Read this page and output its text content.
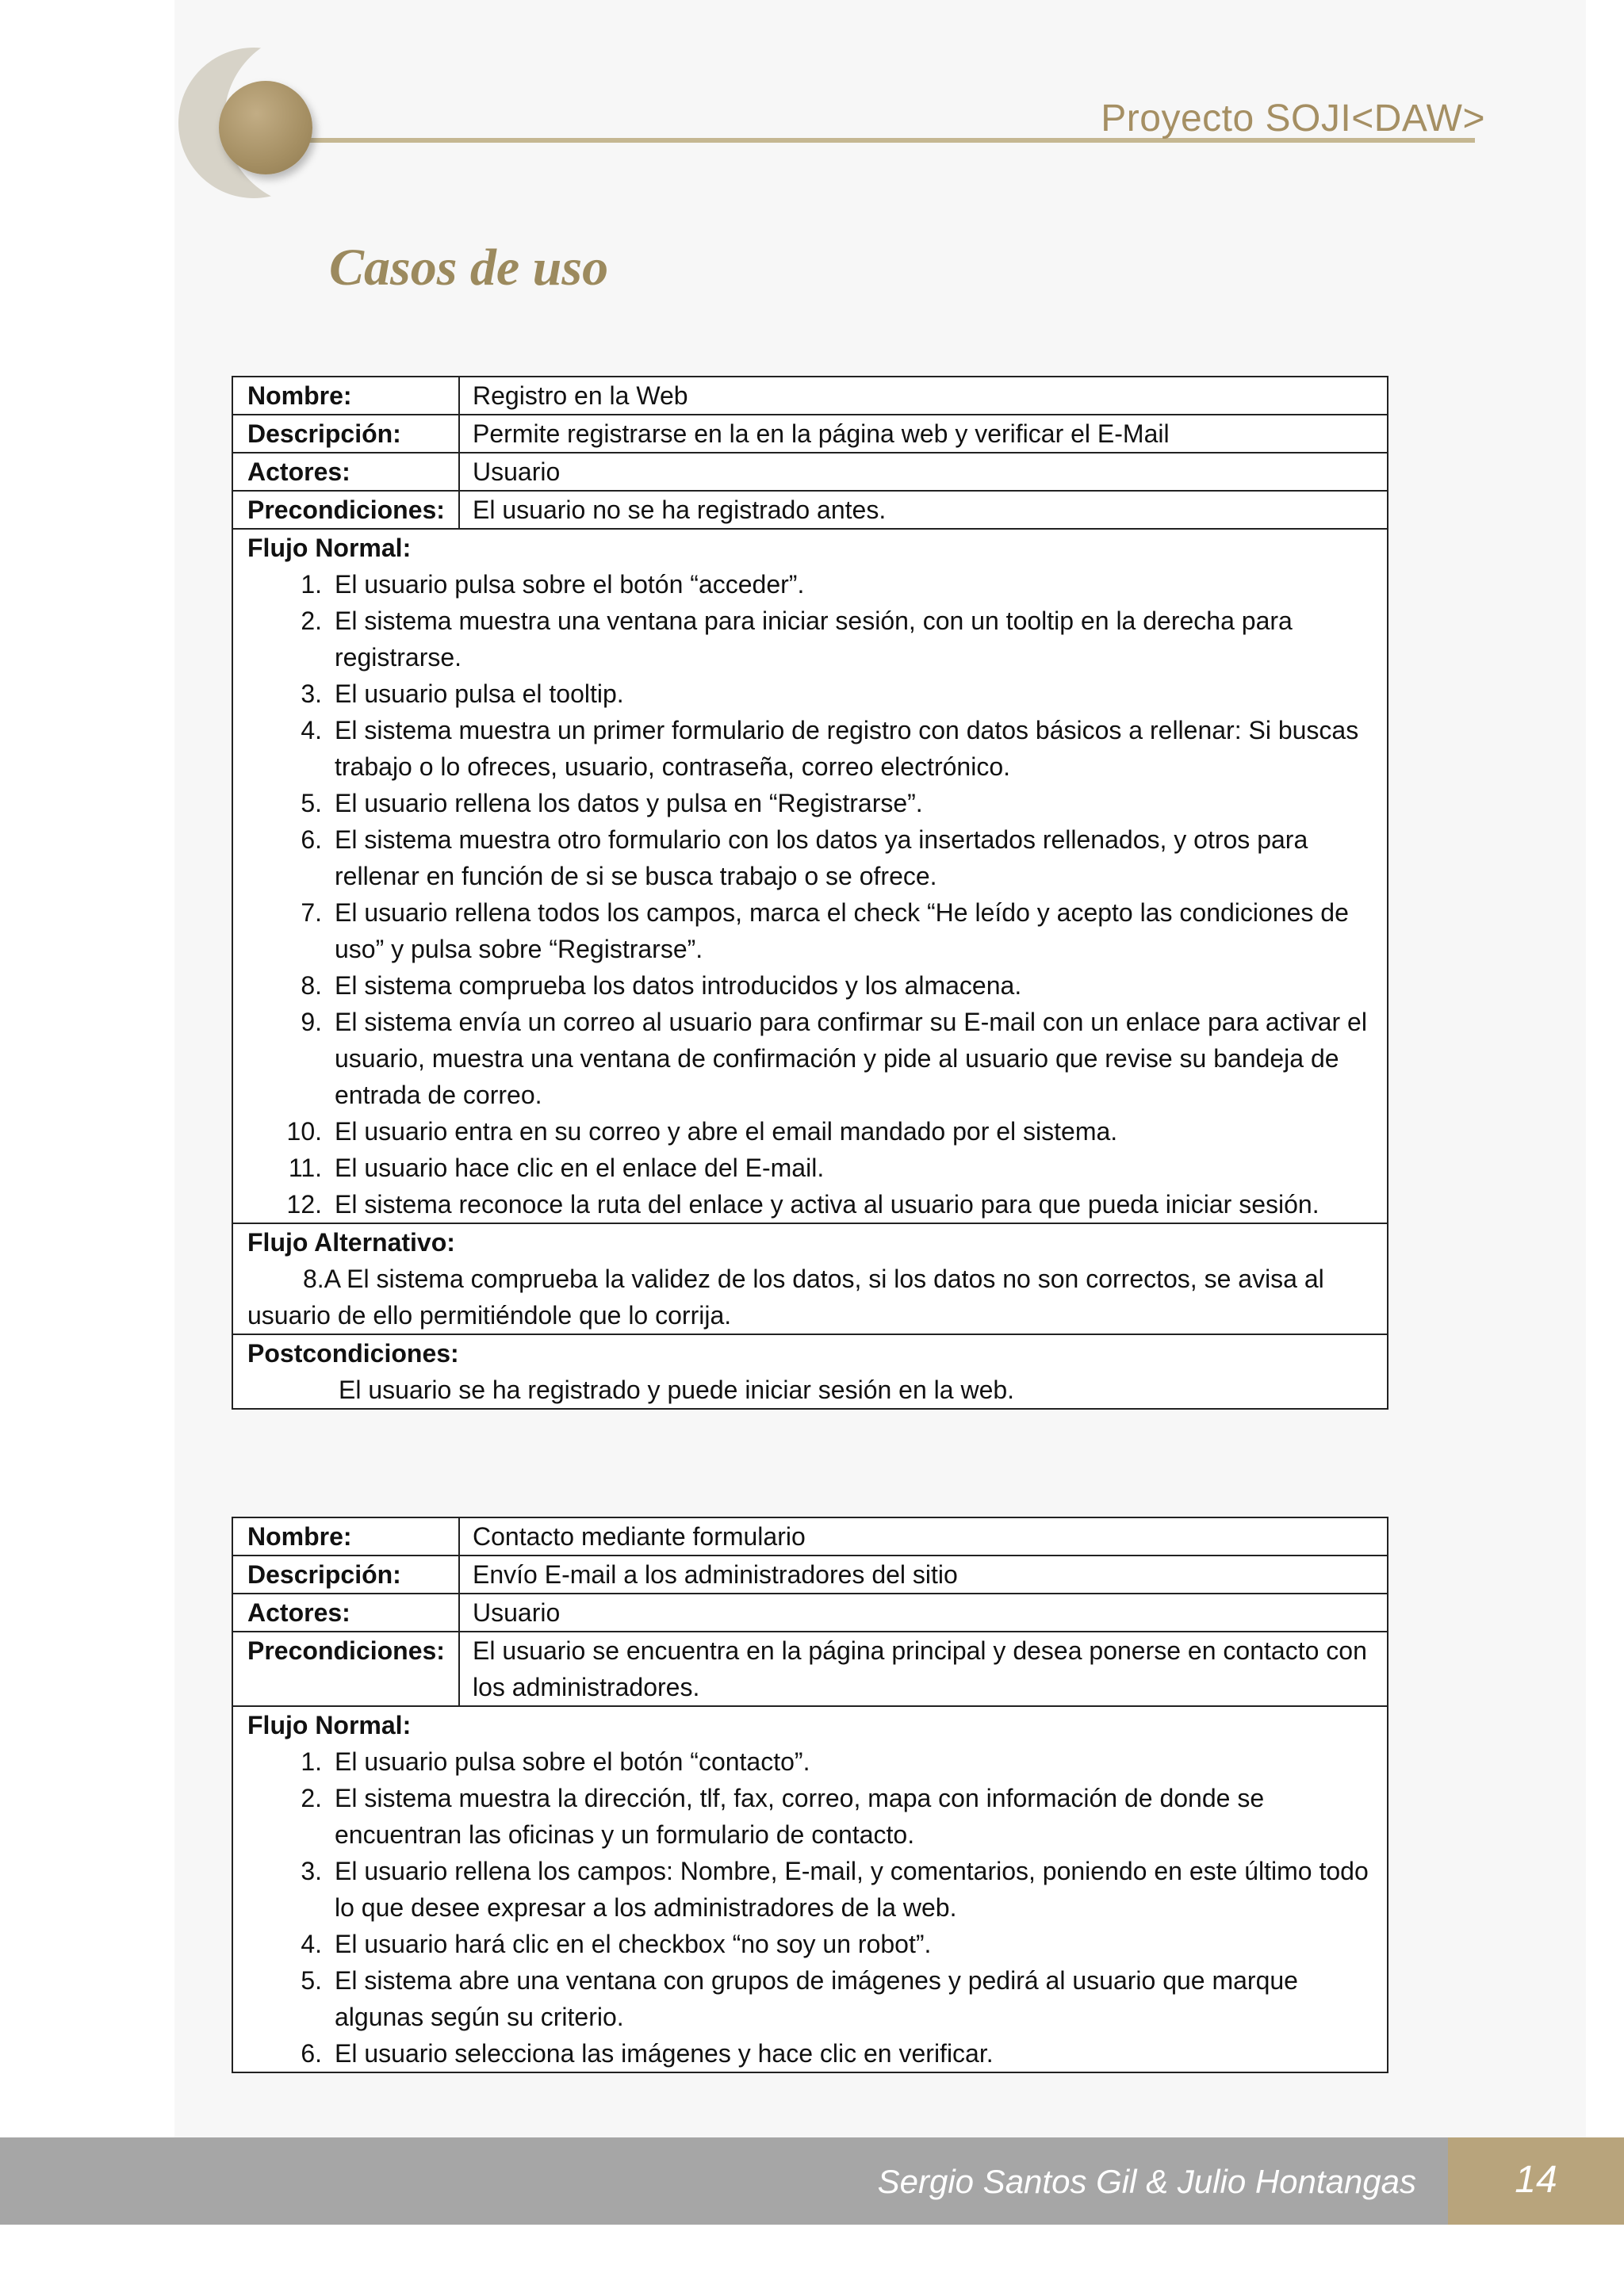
Proyecto SOJI<DAW>
Casos de uso
Nombre:	Registro en la Web
Descripción:	Permite registrarse en la en la página web y verificar el E-Mail
Actores:	Usuario
Precondiciones:	El usuario no se ha registrado antes.
Flujo Normal:
1. El usuario pulsa sobre el botón “acceder”.
2. El sistema muestra una ventana para iniciar sesión, con un tooltip en la derecha para registrarse.
3. El usuario pulsa el tooltip.
4. El sistema muestra un primer formulario de registro con datos básicos a rellenar: Si buscas trabajo o lo ofreces, usuario, contraseña, correo electrónico.
5. El usuario rellena los datos y pulsa en “Registrarse”.
6. El sistema muestra otro formulario con los datos ya insertados rellenados, y otros para rellenar en función de si se busca trabajo o se ofrece.
7. El usuario rellena todos los campos, marca el check “He leído y acepto las condiciones de uso” y pulsa sobre “Registrarse”.
8. El sistema comprueba los datos introducidos y los almacena.
9. El sistema envía un correo al usuario para confirmar su E-mail con un enlace para activar el usuario, muestra una ventana de confirmación y pide al usuario que revise su bandeja de entrada de correo.
10. El usuario entra en su correo y abre el email mandado por el sistema.
11. El usuario hace clic en el enlace del E-mail.
12. El sistema reconoce la ruta del enlace y activa al usuario para que pueda iniciar sesión.
Flujo Alternativo:
8.A El sistema comprueba la validez de los datos, si los datos no son correctos, se avisa al usuario de ello permitiéndole que lo corrija.
Postcondiciones:
El usuario se ha registrado y puede iniciar sesión en la web.
Nombre:	Contacto mediante formulario
Descripción:	Envío E-mail a los administradores del sitio
Actores:	Usuario
Precondiciones:	El usuario se encuentra en la página principal y desea ponerse en contacto con los administradores.
Flujo Normal:
1. El usuario pulsa sobre el botón “contacto”.
2. El sistema muestra la dirección, tlf, fax, correo, mapa con información de donde se encuentran las oficinas y un formulario de contacto.
3. El usuario rellena los campos: Nombre, E-mail, y comentarios, poniendo en este último todo lo que desee expresar a los administradores de la web.
4. El usuario hará clic en el checkbox “no soy un robot”.
5. El sistema abre una ventana con grupos de imágenes y pedirá al usuario que marque algunas según su criterio.
6. El usuario selecciona las imágenes y hace clic en verificar.
Sergio Santos Gil & Julio Hontangas	14
